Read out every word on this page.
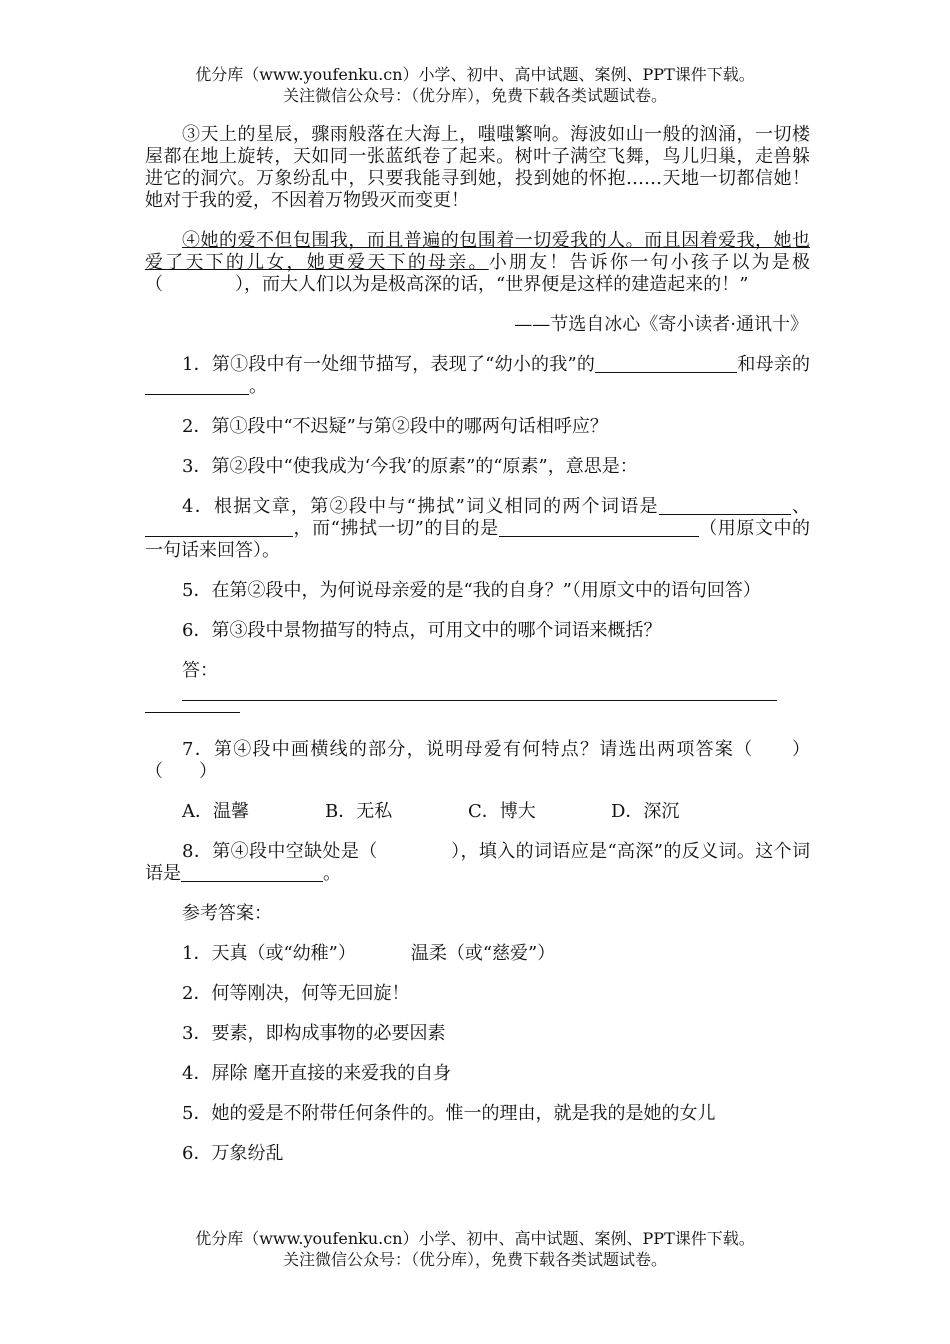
优分库（www.youfenku.cn）小学、初中、高中试题、案例、PPT课件下载。
关注微信公众号：（优分库），免费下载各类试题试卷。

③天上的星辰，骤雨般落在大海上，嗤嗤繁响。海波如山一般的汹涌，一切楼屋都在地上旋转，天如同一张蓝纸卷了起来。树叶子满空飞舞，鸟儿归巢，走兽躲进它的洞穴。万象纷乱中，只要我能寻到她，投到她的怀抱……天地一切都信她！她对于我的爱，不因着万物毁灭而变更！

④她的爱不但包围我，而且普遍的包围着一切爱我的人。而且因着爱我，她也爱了天下的儿女，她更爱天下的母亲。小朋友！告诉你一句小孩子以为是极（　　　　），而大人们以为是极高深的话，“世界便是这样的建造起来的！”

——节选自冰心《寄小读者·通讯十》

1．第①段中有一处细节描写，表现了“幼小的我”的	和母亲的。

2．第①段中“不迟疑”与第②段中的哪两句话相呼应？

3．第②段中“使我成为‘今我’的原素”的“原素”，意思是：

4．根据文章，第②段中与“拂拭”词义相同的两个词语是	、，而“拂拭一切”的目的是	（用原文中的一句话来回答）。

5．在第②段中，为何说母亲爱的是“我的自身？”（用原文中的语句回答）

6．第③段中景物描写的特点，可用文中的哪个词语来概括？

答：

7．第④段中画横线的部分，说明母爱有何特点？请选出两项答案（　　）（　　）

A．温馨	B．无私	C．博大	D．深沉

8．第④段中空缺处是（　　　　），填入的词语应是“高深”的反义词。这个词语是	。

参考答案：

1．天真（或“幼稚”）	温柔（或“慈爱”）

2．何等刚决，何等无回旋！

3．要素，即构成事物的必要因素

4．屏除 麾开直接的来爱我的自身

5．她的爱是不附带任何条件的。惟一的理由，就是我的是她的女儿

6．万象纷乱

优分库（www.youfenku.cn）小学、初中、高中试题、案例、PPT课件下载。
关注微信公众号：（优分库），免费下载各类试题试卷。
